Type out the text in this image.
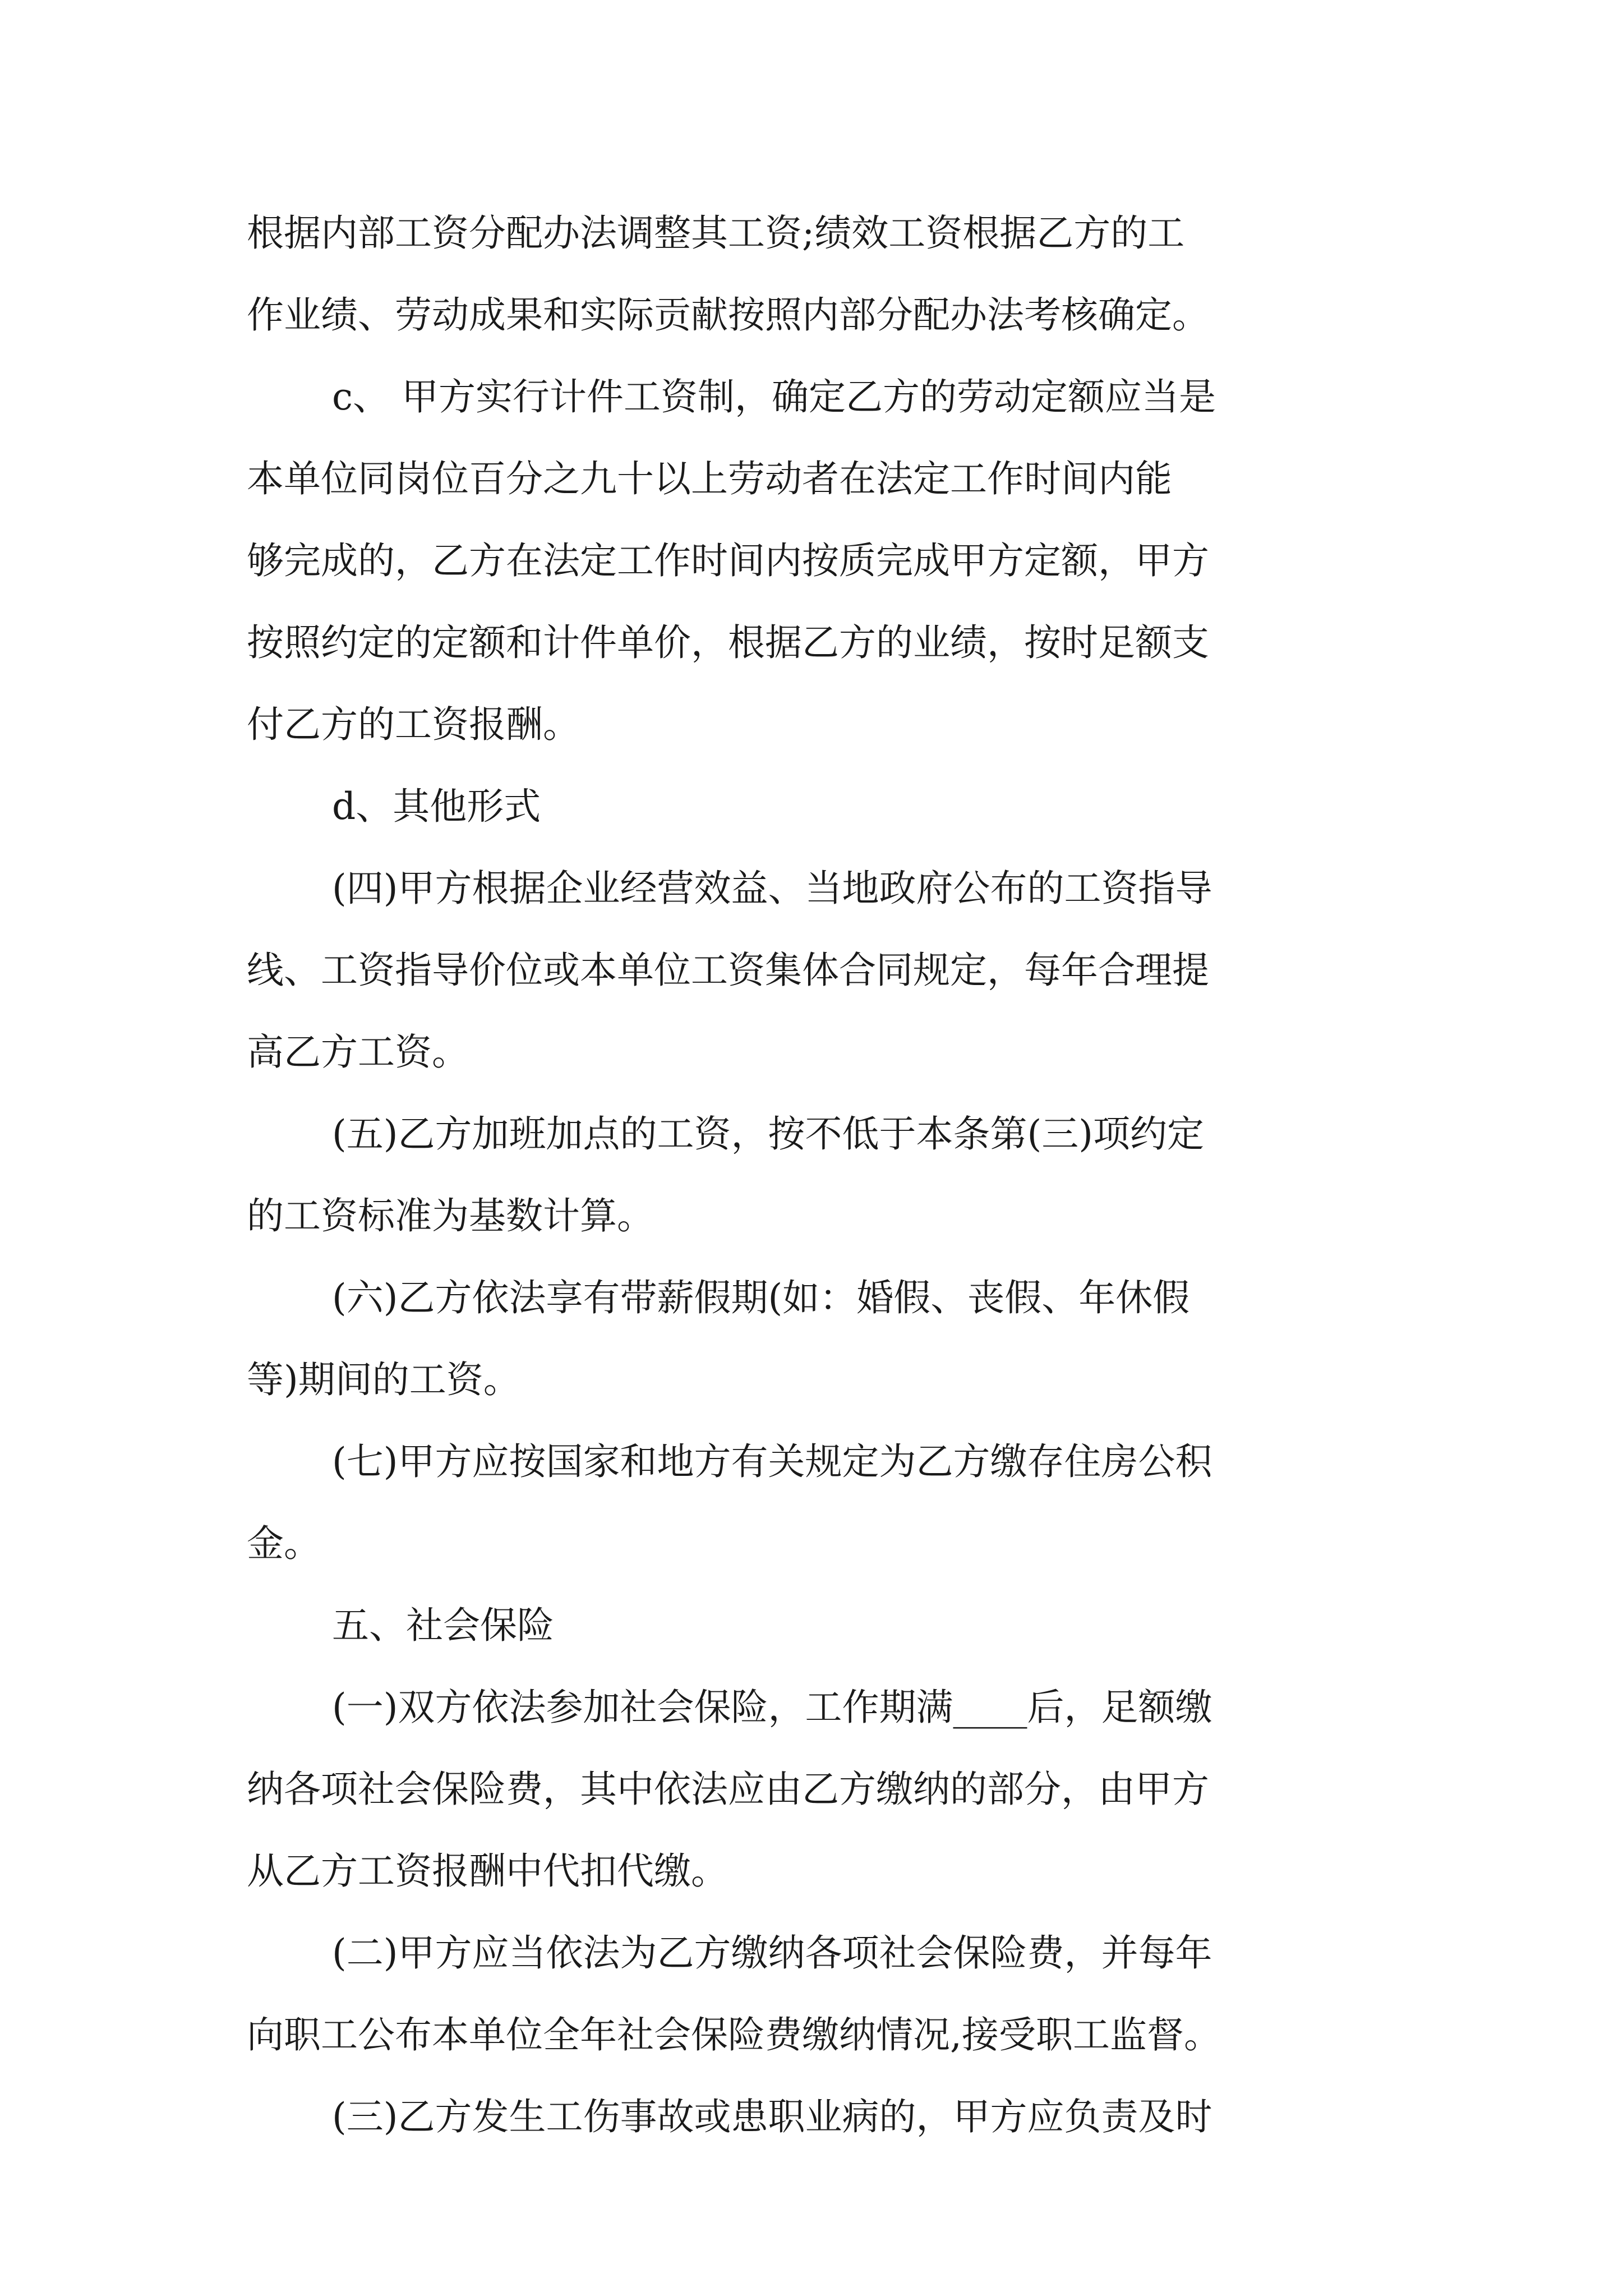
根据内部工资分配办法调整其工资;绩效工资根据乙方的工
作业绩、劳动成果和实际贡献按照内部分配办法考核确定。
c、 甲方实行计件工资制，确定乙方的劳动定额应当是
本单位同岗位百分之九十以上劳动者在法定工作时间内能
够完成的，乙方在法定工作时间内按质完成甲方定额，甲方
按照约定的定额和计件单价，根据乙方的业绩，按时足额支
付乙方的工资报酬。
d、其他形式
(四)甲方根据企业经营效益、当地政府公布的工资指导
线、工资指导价位或本单位工资集体合同规定，每年合理提
高乙方工资。
(五)乙方加班加点的工资，按不低于本条第(三)项约定
的工资标准为基数计算。
(六)乙方依法享有带薪假期(如：婚假、丧假、年休假
等)期间的工资。
(七)甲方应按国家和地方有关规定为乙方缴存住房公积
金。
五、社会保险
(一)双方依法参加社会保险，工作期满____后，足额缴
纳各项社会保险费，其中依法应由乙方缴纳的部分，由甲方
从乙方工资报酬中代扣代缴。
(二)甲方应当依法为乙方缴纳各项社会保险费，并每年
向职工公布本单位全年社会保险费缴纳情况,接受职工监督。
(三)乙方发生工伤事故或患职业病的，甲方应负责及时
